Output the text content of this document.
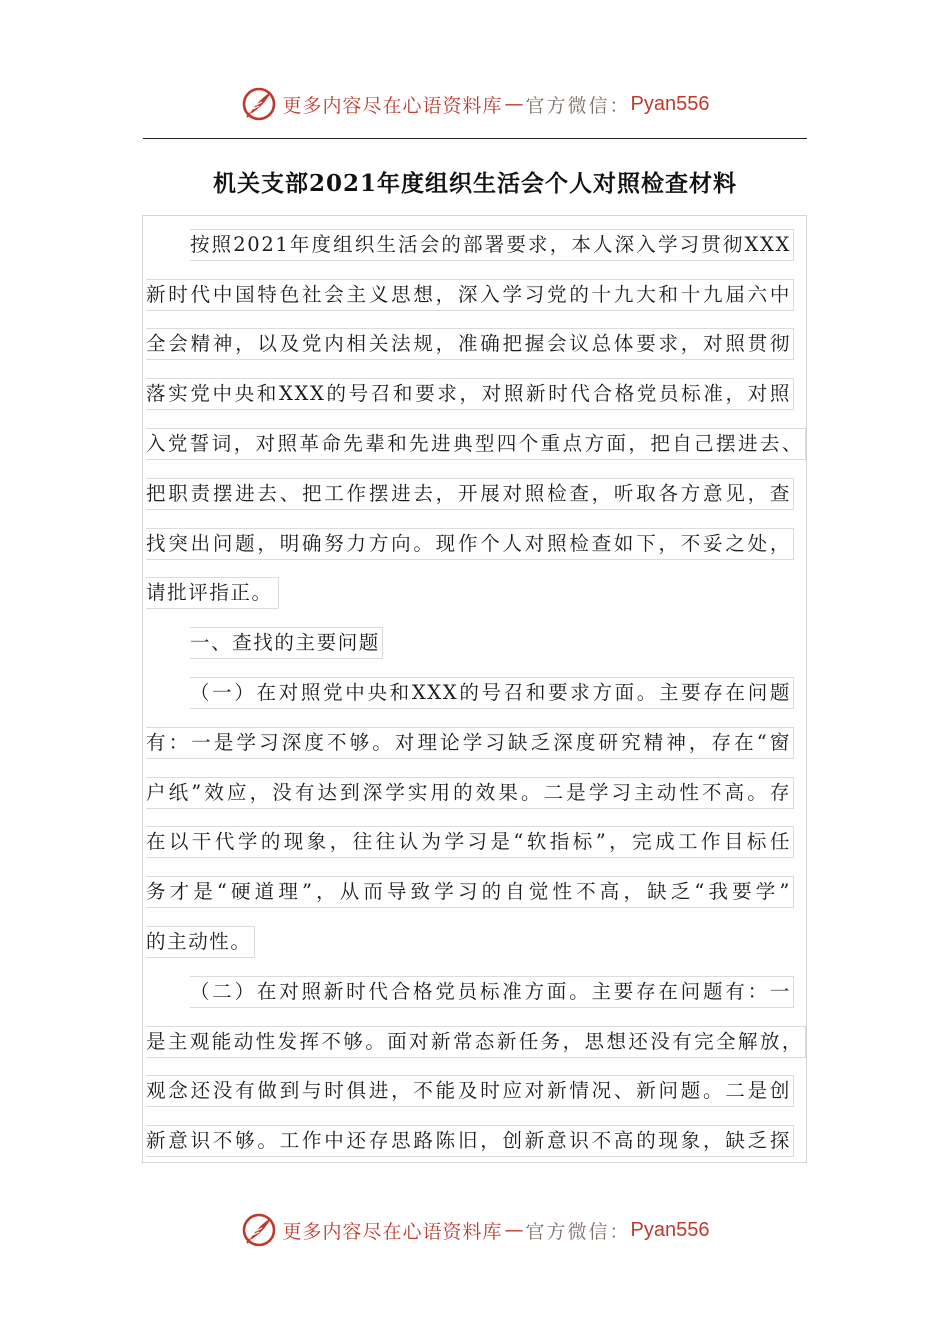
更多内容尽在心语资料库 — 官方微信： Pyan556
机关支部2021年度组织生活会个人对照检查材料
按照2021年度组织生活会的部署要求，本人深入学习贯彻XXX
新时代中国特色社会主义思想，深入学习党的十九大和十九届六中
全会精神，以及党内相关法规，准确把握会议总体要求，对照贯彻
落实党中央和XXX的号召和要求，对照新时代合格党员标准，对照
入党誓词，对照革命先辈和先进典型四个重点方面，把自己摆进去、
把职责摆进去、把工作摆进去，开展对照检查，听取各方意见，查
找突出问题，明确努力方向。现作个人对照检查如下，不妥之处，
请批评指正。
一、查找的主要问题
（一）在对照党中央和XXX的号召和要求方面。主要存在问题
有：一是学习深度不够。对理论学习缺乏深度研究精神，存在“窗
户纸”效应，没有达到深学实用的效果。二是学习主动性不高。存
在以干代学的现象，往往认为学习是“软指标”，完成工作目标任
务才是“硬道理”，从而导致学习的自觉性不高，缺乏“我要学”
的主动性。
（二）在对照新时代合格党员标准方面。主要存在问题有：一
是主观能动性发挥不够。面对新常态新任务，思想还没有完全解放，
观念还没有做到与时俱进，不能及时应对新情况、新问题。二是创
新意识不够。工作中还存思路陈旧，创新意识不高的现象，缺乏探
更多内容尽在心语资料库 — 官方微信： Pyan556
